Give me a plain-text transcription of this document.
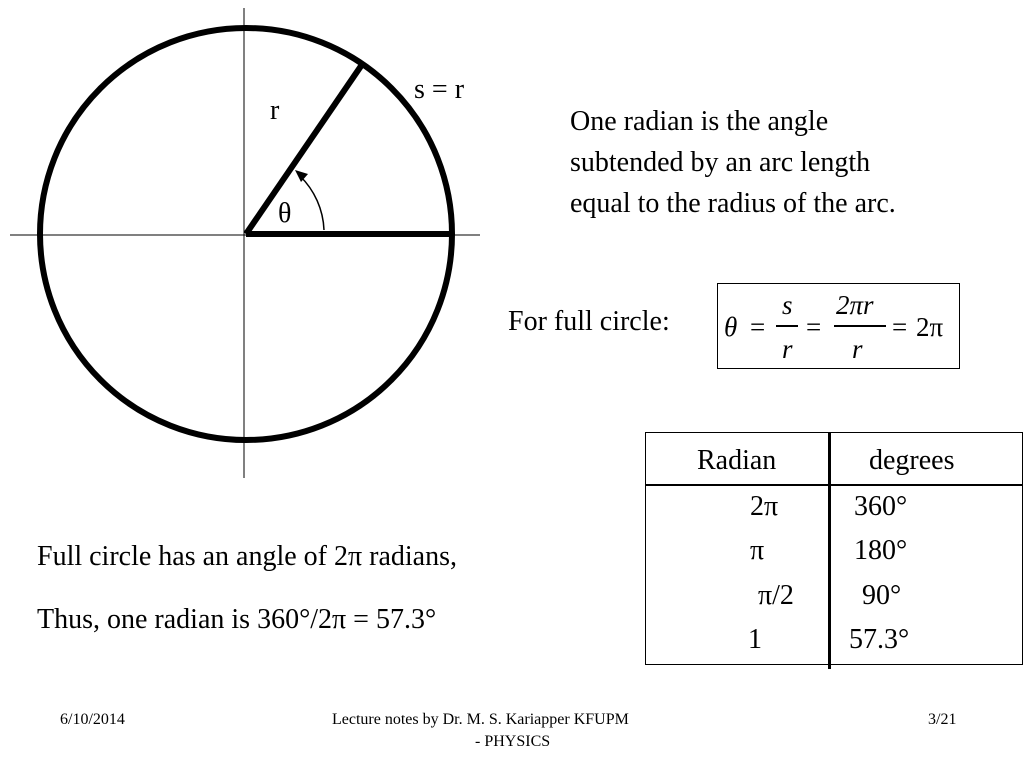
r
s = r
θ
One radian is the angle
subtended by an arc length
equal to the radius of the arc.
For full circle: θ =
s
r
=
2πr
r
= 2π
Radian	degrees
2π	360°
π	180°
π/2 90°
1	57.3°
Full circle has an angle of 2π radians,
Thus, one radian is 360°/2π = 57.3°
6/10/2014	Lecture notes by Dr. M. S. Kariapper KFUPM
- PHYSICS
3/21
